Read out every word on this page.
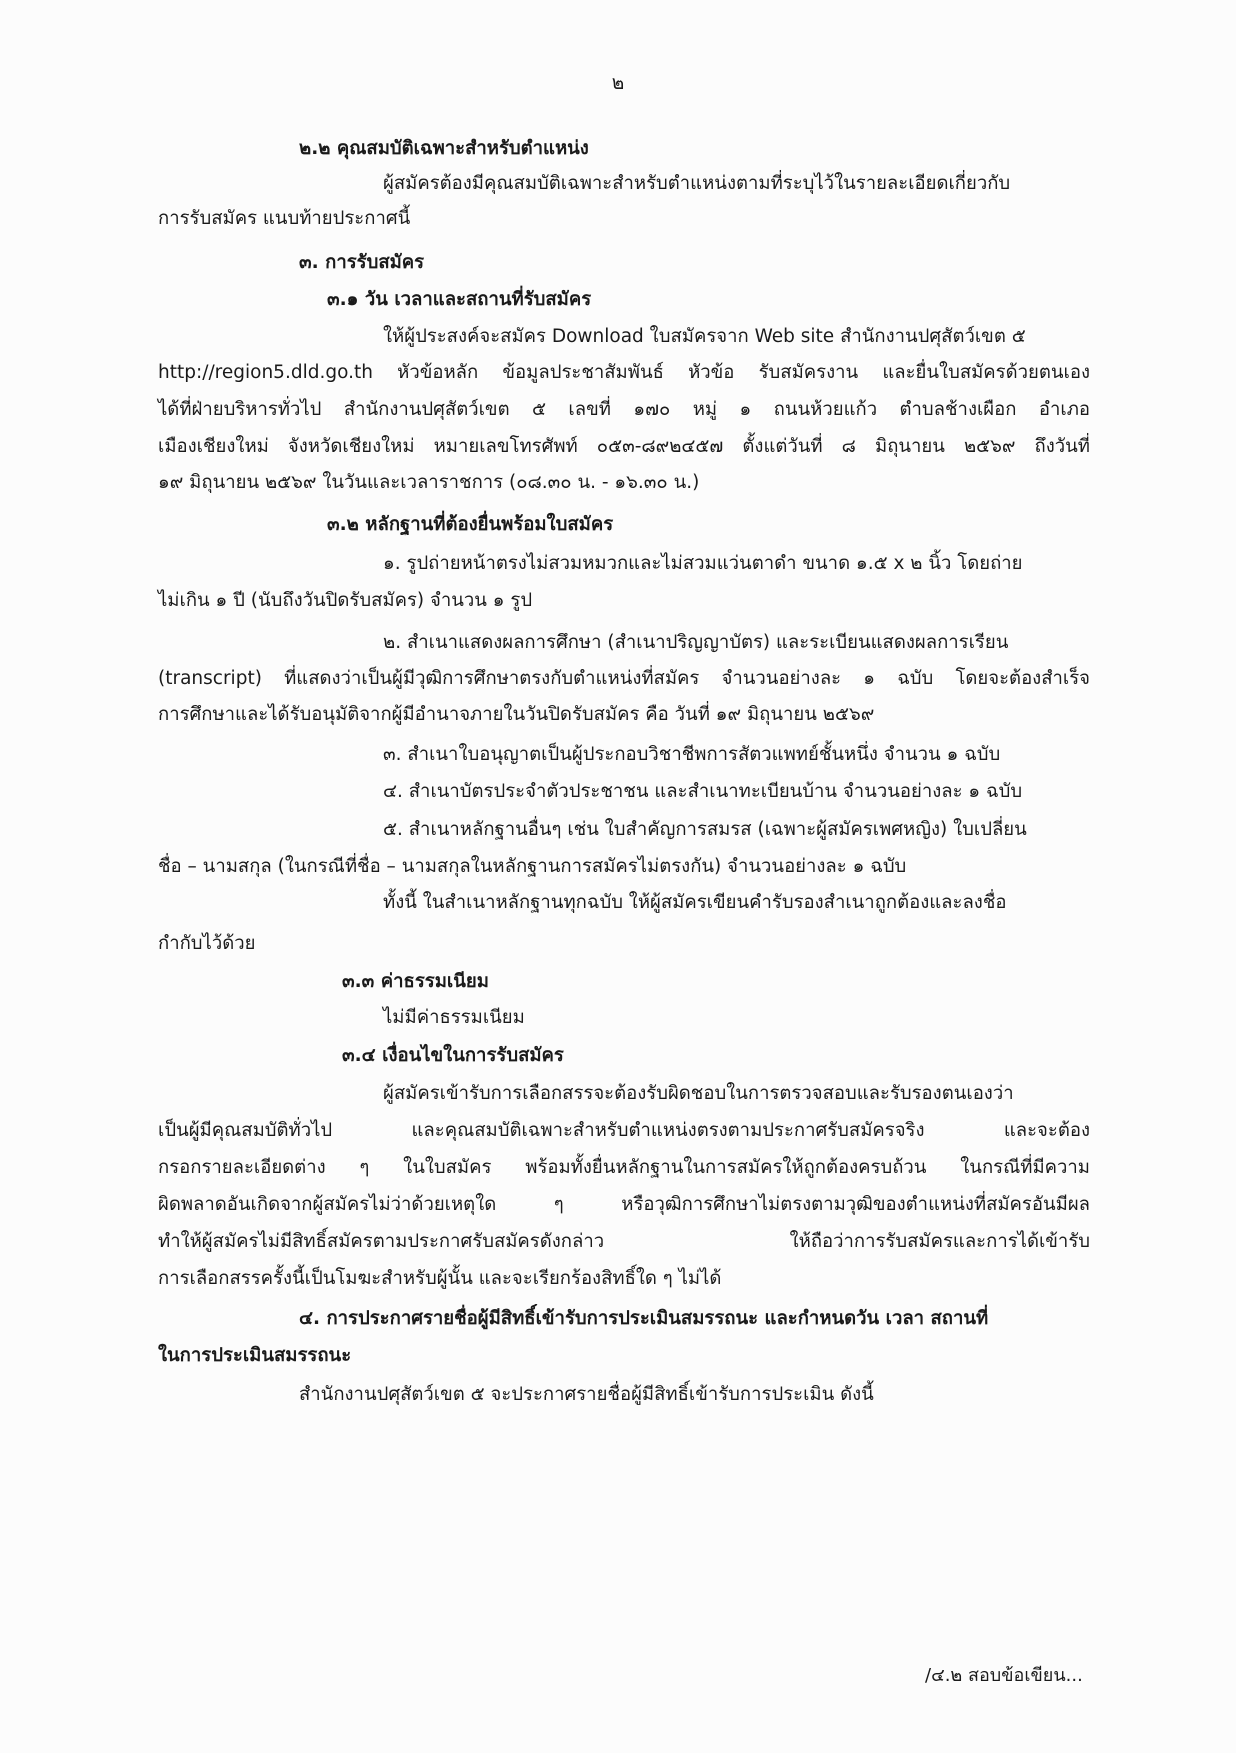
๒
๒.๒ คุณสมบัติเฉพาะสำหรับตำแหน่ง
ผู้สมัครต้องมีคุณสมบัติเฉพาะสำหรับตำแหน่งตามที่ระบุไว้ในรายละเอียดเกี่ยวกับ
การรับสมัคร แนบท้ายประกาศนี้
๓. การรับสมัคร
๓.๑ วัน เวลาและสถานที่รับสมัคร
ให้ผู้ประสงค์จะสมัคร Download ใบสมัครจาก Web site สำนักงานปศุสัตว์เขต ๕
http://region5.dld.go.th หัวข้อหลัก ข้อมูลประชาสัมพันธ์ หัวข้อ รับสมัครงาน และยื่นใบสมัครด้วยตนเอง
ได้ที่ฝ่ายบริหารทั่วไป สำนักงานปศุสัตว์เขต ๕ เลขที่ ๑๗๐ หมู่ ๑ ถนนห้วยแก้ว ตำบลช้างเผือก อำเภอ
เมืองเชียงใหม่ จังหวัดเชียงใหม่ หมายเลขโทรศัพท์ ๐๕๓-๘๙๒๔๕๗ ตั้งแต่วันที่ ๘ มิถุนายน ๒๕๖๙ ถึงวันที่
๑๙ มิถุนายน ๒๕๖๙ ในวันและเวลาราชการ (๐๘.๓๐ น. - ๑๖.๓๐ น.)
๓.๒ หลักฐานที่ต้องยื่นพร้อมใบสมัคร
๑. รูปถ่ายหน้าตรงไม่สวมหมวกและไม่สวมแว่นตาดำ ขนาด ๑.๕ x ๒ นิ้ว โดยถ่าย
ไม่เกิน ๑ ปี (นับถึงวันปิดรับสมัคร) จำนวน ๑ รูป
๒. สำเนาแสดงผลการศึกษา (สำเนาปริญญาบัตร) และระเบียนแสดงผลการเรียน
(transcript) ที่แสดงว่าเป็นผู้มีวุฒิการศึกษาตรงกับตำแหน่งที่สมัคร จำนวนอย่างละ ๑ ฉบับ โดยจะต้องสำเร็จ
การศึกษาและได้รับอนุมัติจากผู้มีอำนาจภายในวันปิดรับสมัคร คือ วันที่ ๑๙ มิถุนายน ๒๕๖๙
๓. สำเนาใบอนุญาตเป็นผู้ประกอบวิชาชีพการสัตวแพทย์ชั้นหนึ่ง จำนวน ๑ ฉบับ
๔. สำเนาบัตรประจำตัวประชาชน และสำเนาทะเบียนบ้าน จำนวนอย่างละ ๑ ฉบับ
๕. สำเนาหลักฐานอื่นๆ เช่น ใบสำคัญการสมรส (เฉพาะผู้สมัครเพศหญิง) ใบเปลี่ยน
ชื่อ – นามสกุล (ในกรณีที่ชื่อ – นามสกุลในหลักฐานการสมัครไม่ตรงกัน) จำนวนอย่างละ ๑ ฉบับ
ทั้งนี้ ในสำเนาหลักฐานทุกฉบับ ให้ผู้สมัครเขียนคำรับรองสำเนาถูกต้องและลงชื่อ
กำกับไว้ด้วย
๓.๓ ค่าธรรมเนียม
ไม่มีค่าธรรมเนียม
๓.๔ เงื่อนไขในการรับสมัคร
ผู้สมัครเข้ารับการเลือกสรรจะต้องรับผิดชอบในการตรวจสอบและรับรองตนเองว่า
เป็นผู้มีคุณสมบัติทั่วไป และคุณสมบัติเฉพาะสำหรับตำแหน่งตรงตามประกาศรับสมัครจริง และจะต้อง
กรอกรายละเอียดต่าง ๆ ในใบสมัคร พร้อมทั้งยื่นหลักฐานในการสมัครให้ถูกต้องครบถ้วน ในกรณีที่มีความ
ผิดพลาดอันเกิดจากผู้สมัครไม่ว่าด้วยเหตุใด ๆ หรือวุฒิการศึกษาไม่ตรงตามวุฒิของตำแหน่งที่สมัครอันมีผล
ทำให้ผู้สมัครไม่มีสิทธิ์สมัครตามประกาศรับสมัครดังกล่าว ให้ถือว่าการรับสมัครและการได้เข้ารับ
การเลือกสรรครั้งนี้เป็นโมฆะสำหรับผู้นั้น และจะเรียกร้องสิทธิ์ใด ๆ ไม่ได้
๔. การประกาศรายชื่อผู้มีสิทธิ์เข้ารับการประเมินสมรรถนะ และกำหนดวัน เวลา สถานที่
ในการประเมินสมรรถนะ
สำนักงานปศุสัตว์เขต ๕ จะประกาศรายชื่อผู้มีสิทธิ์เข้ารับการประเมิน ดังนี้
/๔.๒ สอบข้อเขียน...
